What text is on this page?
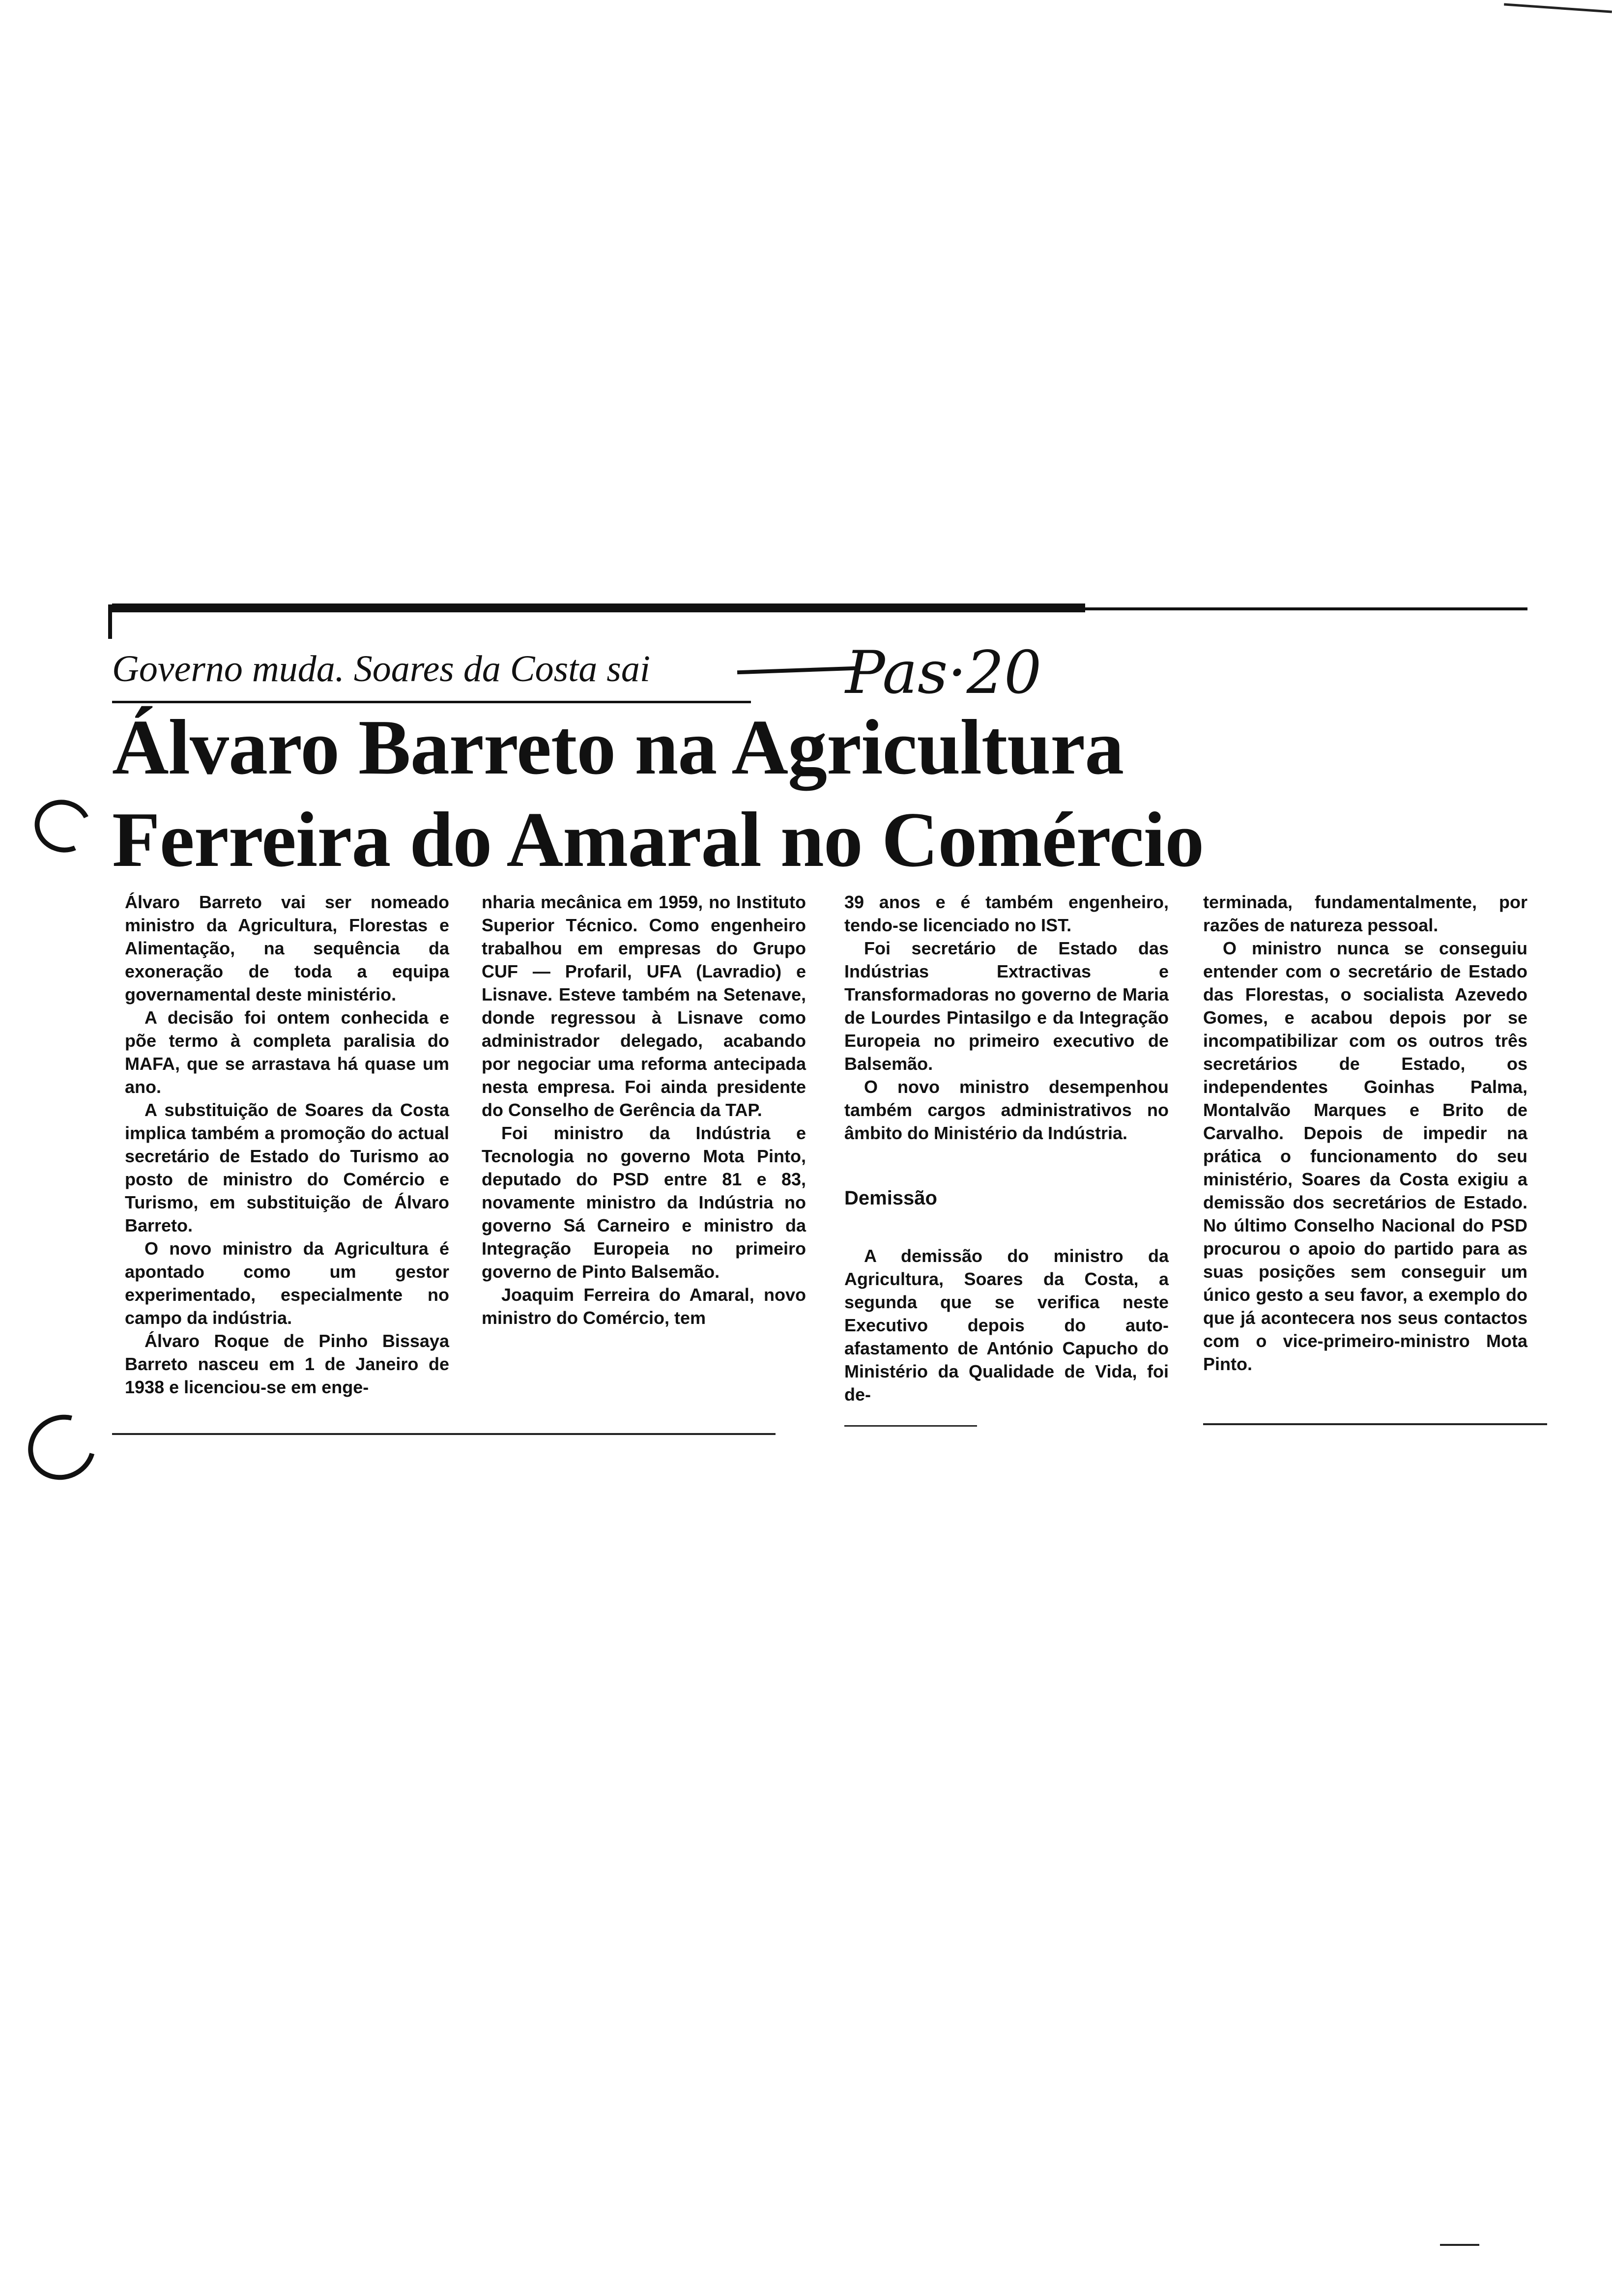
Governo muda. Soares da Costa sai	Pas·20
Álvaro Barreto na Agricultura
Ferreira do Amaral no Comércio

Álvaro Barreto vai ser nomeado ministro da Agricultura, Florestas e Alimentação, na sequência da exoneração de toda a equipa governamental deste ministério.

A decisão foi ontem conhecida e põe termo à completa paralisia do MAFA, que se arrastava há quase um ano.

A substituição de Soares da Costa implica também a promoção do actual secretário de Estado do Turismo ao posto de ministro do Comércio e Turismo, em substituição de Álvaro Barreto.

O novo ministro da Agricultura é apontado como um gestor experimentado, especialmente no campo da indústria.

Álvaro Roque de Pinho Bissaya Barreto nasceu em 1 de Janeiro de 1938 e licenciou-se em enge-

nharia mecânica em 1959, no Instituto Superior Técnico. Como engenheiro trabalhou em empresas do Grupo CUF — Profaril, UFA (Lavradio) e Lisnave. Esteve também na Setenave, donde regressou à Lisnave como administrador delegado, acabando por negociar uma reforma antecipada nesta empresa. Foi ainda presidente do Conselho de Gerência da TAP.

Foi ministro da Indústria e Tecnologia no governo Mota Pinto, deputado do PSD entre 81 e 83, novamente ministro da Indústria no governo Sá Carneiro e ministro da Integração Europeia no primeiro governo de Pinto Balsemão.

Joaquim Ferreira do Amaral, novo ministro do Comércio, tem

39 anos e é também engenheiro, tendo-se licenciado no IST.

Foi secretário de Estado das Indústrias Extractivas e Transformadoras no governo de Maria de Lourdes Pintasilgo e da Integração Europeia no primeiro executivo de Balsemão.

O novo ministro desempenhou também cargos administrativos no âmbito do Ministério da Indústria.

Demissão

A demissão do ministro da Agricultura, Soares da Costa, a segunda que se verifica neste Executivo depois do auto-afastamento de António Capucho do Ministério da Qualidade de Vida, foi de-

terminada, fundamentalmente, por razões de natureza pessoal.

O ministro nunca se conseguiu entender com o secretário de Estado das Florestas, o socialista Azevedo Gomes, e acabou depois por se incompatibilizar com os outros três secretários de Estado, os independentes Goinhas Palma, Montalvão Marques e Brito de Carvalho. Depois de impedir na prática o funcionamento do seu ministério, Soares da Costa exigiu a demissão dos secretários de Estado. No último Conselho Nacional do PSD procurou o apoio do partido para as suas posições sem conseguir um único gesto a seu favor, a exemplo do que já acontecera nos seus contactos com o vice-primeiro-ministro Mota Pinto.
